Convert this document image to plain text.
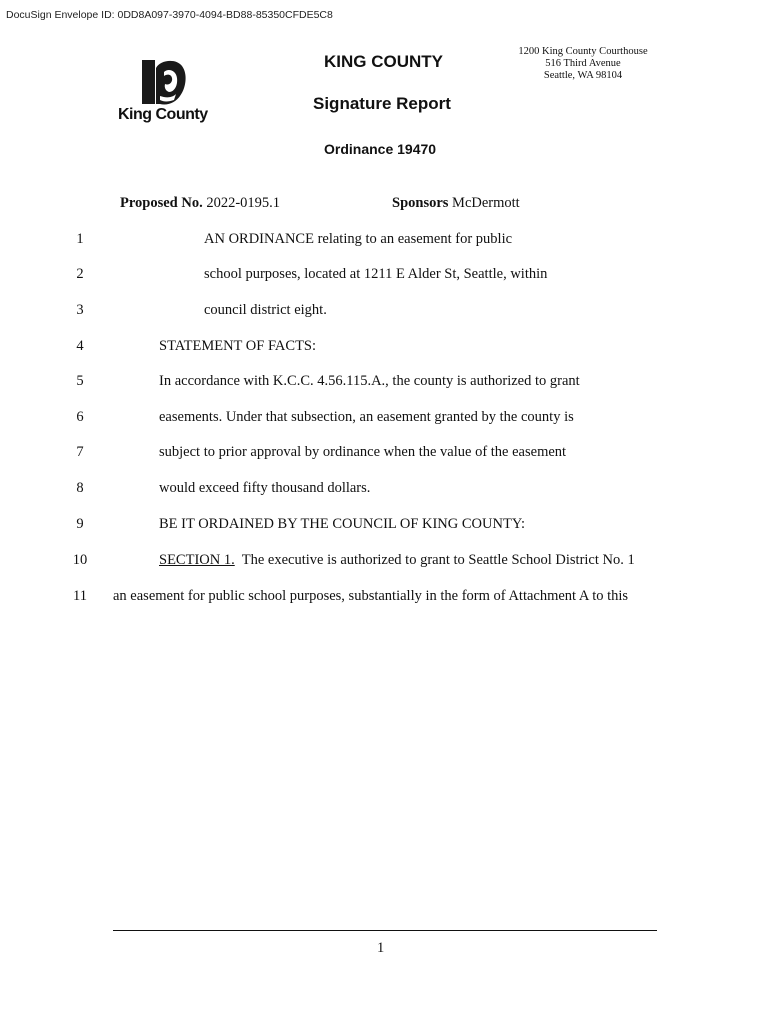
DocuSign Envelope ID: 0DD8A097-3970-4094-BD88-85350CFDE5C8
King County
KING COUNTY
Signature Report
Ordinance 19470
1200 King County Courthouse
516 Third Avenue
Seattle, WA 98104
Proposed No. 2022-0195.1	Sponsors McDermott
1	AN ORDINANCE relating to an easement for public
2	school purposes, located at 1211 E Alder St, Seattle, within
3	council district eight.
4	STATEMENT OF FACTS:
5	In accordance with K.C.C. 4.56.115.A., the county is authorized to grant
6	easements. Under that subsection, an easement granted by the county is
7	subject to prior approval by ordinance when the value of the easement
8	would exceed fifty thousand dollars.
9	BE IT ORDAINED BY THE COUNCIL OF KING COUNTY:
10	SECTION 1.  The executive is authorized to grant to Seattle School District No. 1
11	an easement for public school purposes, substantially in the form of Attachment A to this
1
